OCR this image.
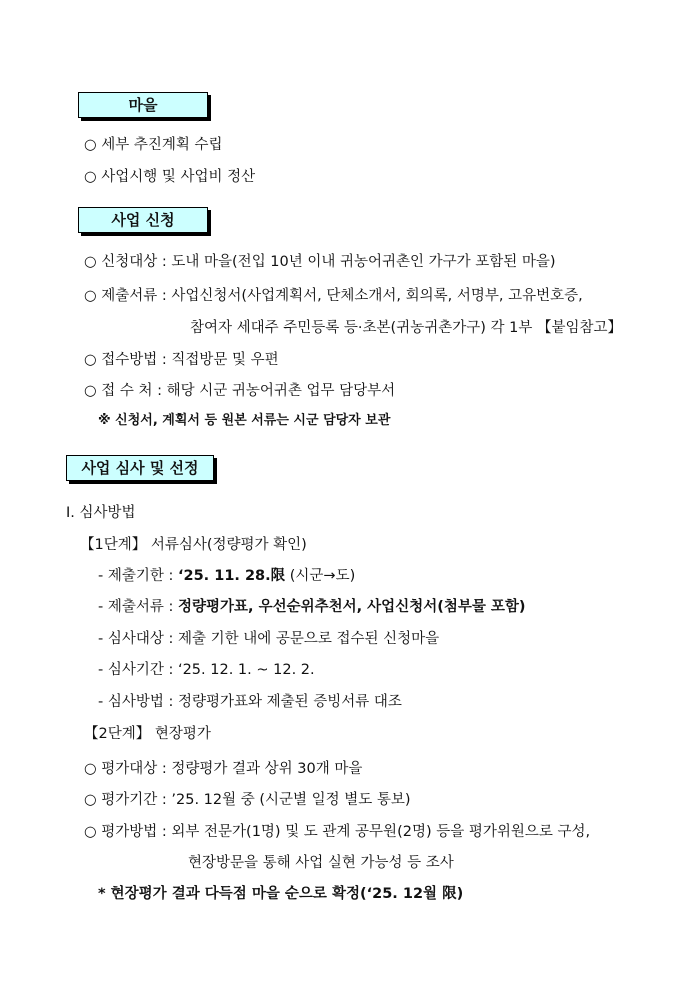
마을
○ 세부 추진계획 수립
○ 사업시행 및 사업비 정산
사업 신청
○ 신청대상 : 도내 마을(전입 10년 이내 귀농어귀촌인 가구가 포함된 마을)
○ 제출서류 : 사업신청서(사업계획서, 단체소개서, 회의록, 서명부, 고유번호증,
참여자 세대주 주민등록 등·초본(귀농귀촌가구) 각 1부 【붙임참고】
○ 접수방법 : 직접방문 및 우편
○ 접 수 처 : 해당 시군 귀농어귀촌 업무 담당부서
※ 신청서, 계획서 등 원본 서류는 시군 담당자 보관
사업 심사 및 선정
Ⅰ. 심사방법
【1단계】 서류심사(정량평가 확인)
- 제출기한 : ‘25. 11. 28.限 (시군→도)
- 제출서류 : 정량평가표, 우선순위추천서, 사업신청서(첨부물 포함)
- 심사대상 : 제출 기한 내에 공문으로 접수된 신청마을
- 심사기간 : ‘25. 12. 1. ~ 12. 2.
- 심사방법 : 정량평가표와 제출된 증빙서류 대조
【2단계】 현장평가
○ 평가대상 : 정량평가 결과 상위 30개 마을
○ 평가기간 : ’25. 12월 중 (시군별 일정 별도 통보)
○ 평가방법 : 외부 전문가(1명) 및 도 관계 공무원(2명) 등을 평가위원으로 구성,
현장방문을 통해 사업 실현 가능성 등 조사
* 현장평가 결과 다득점 마을 순으로 확정(‘25. 12월 限)
